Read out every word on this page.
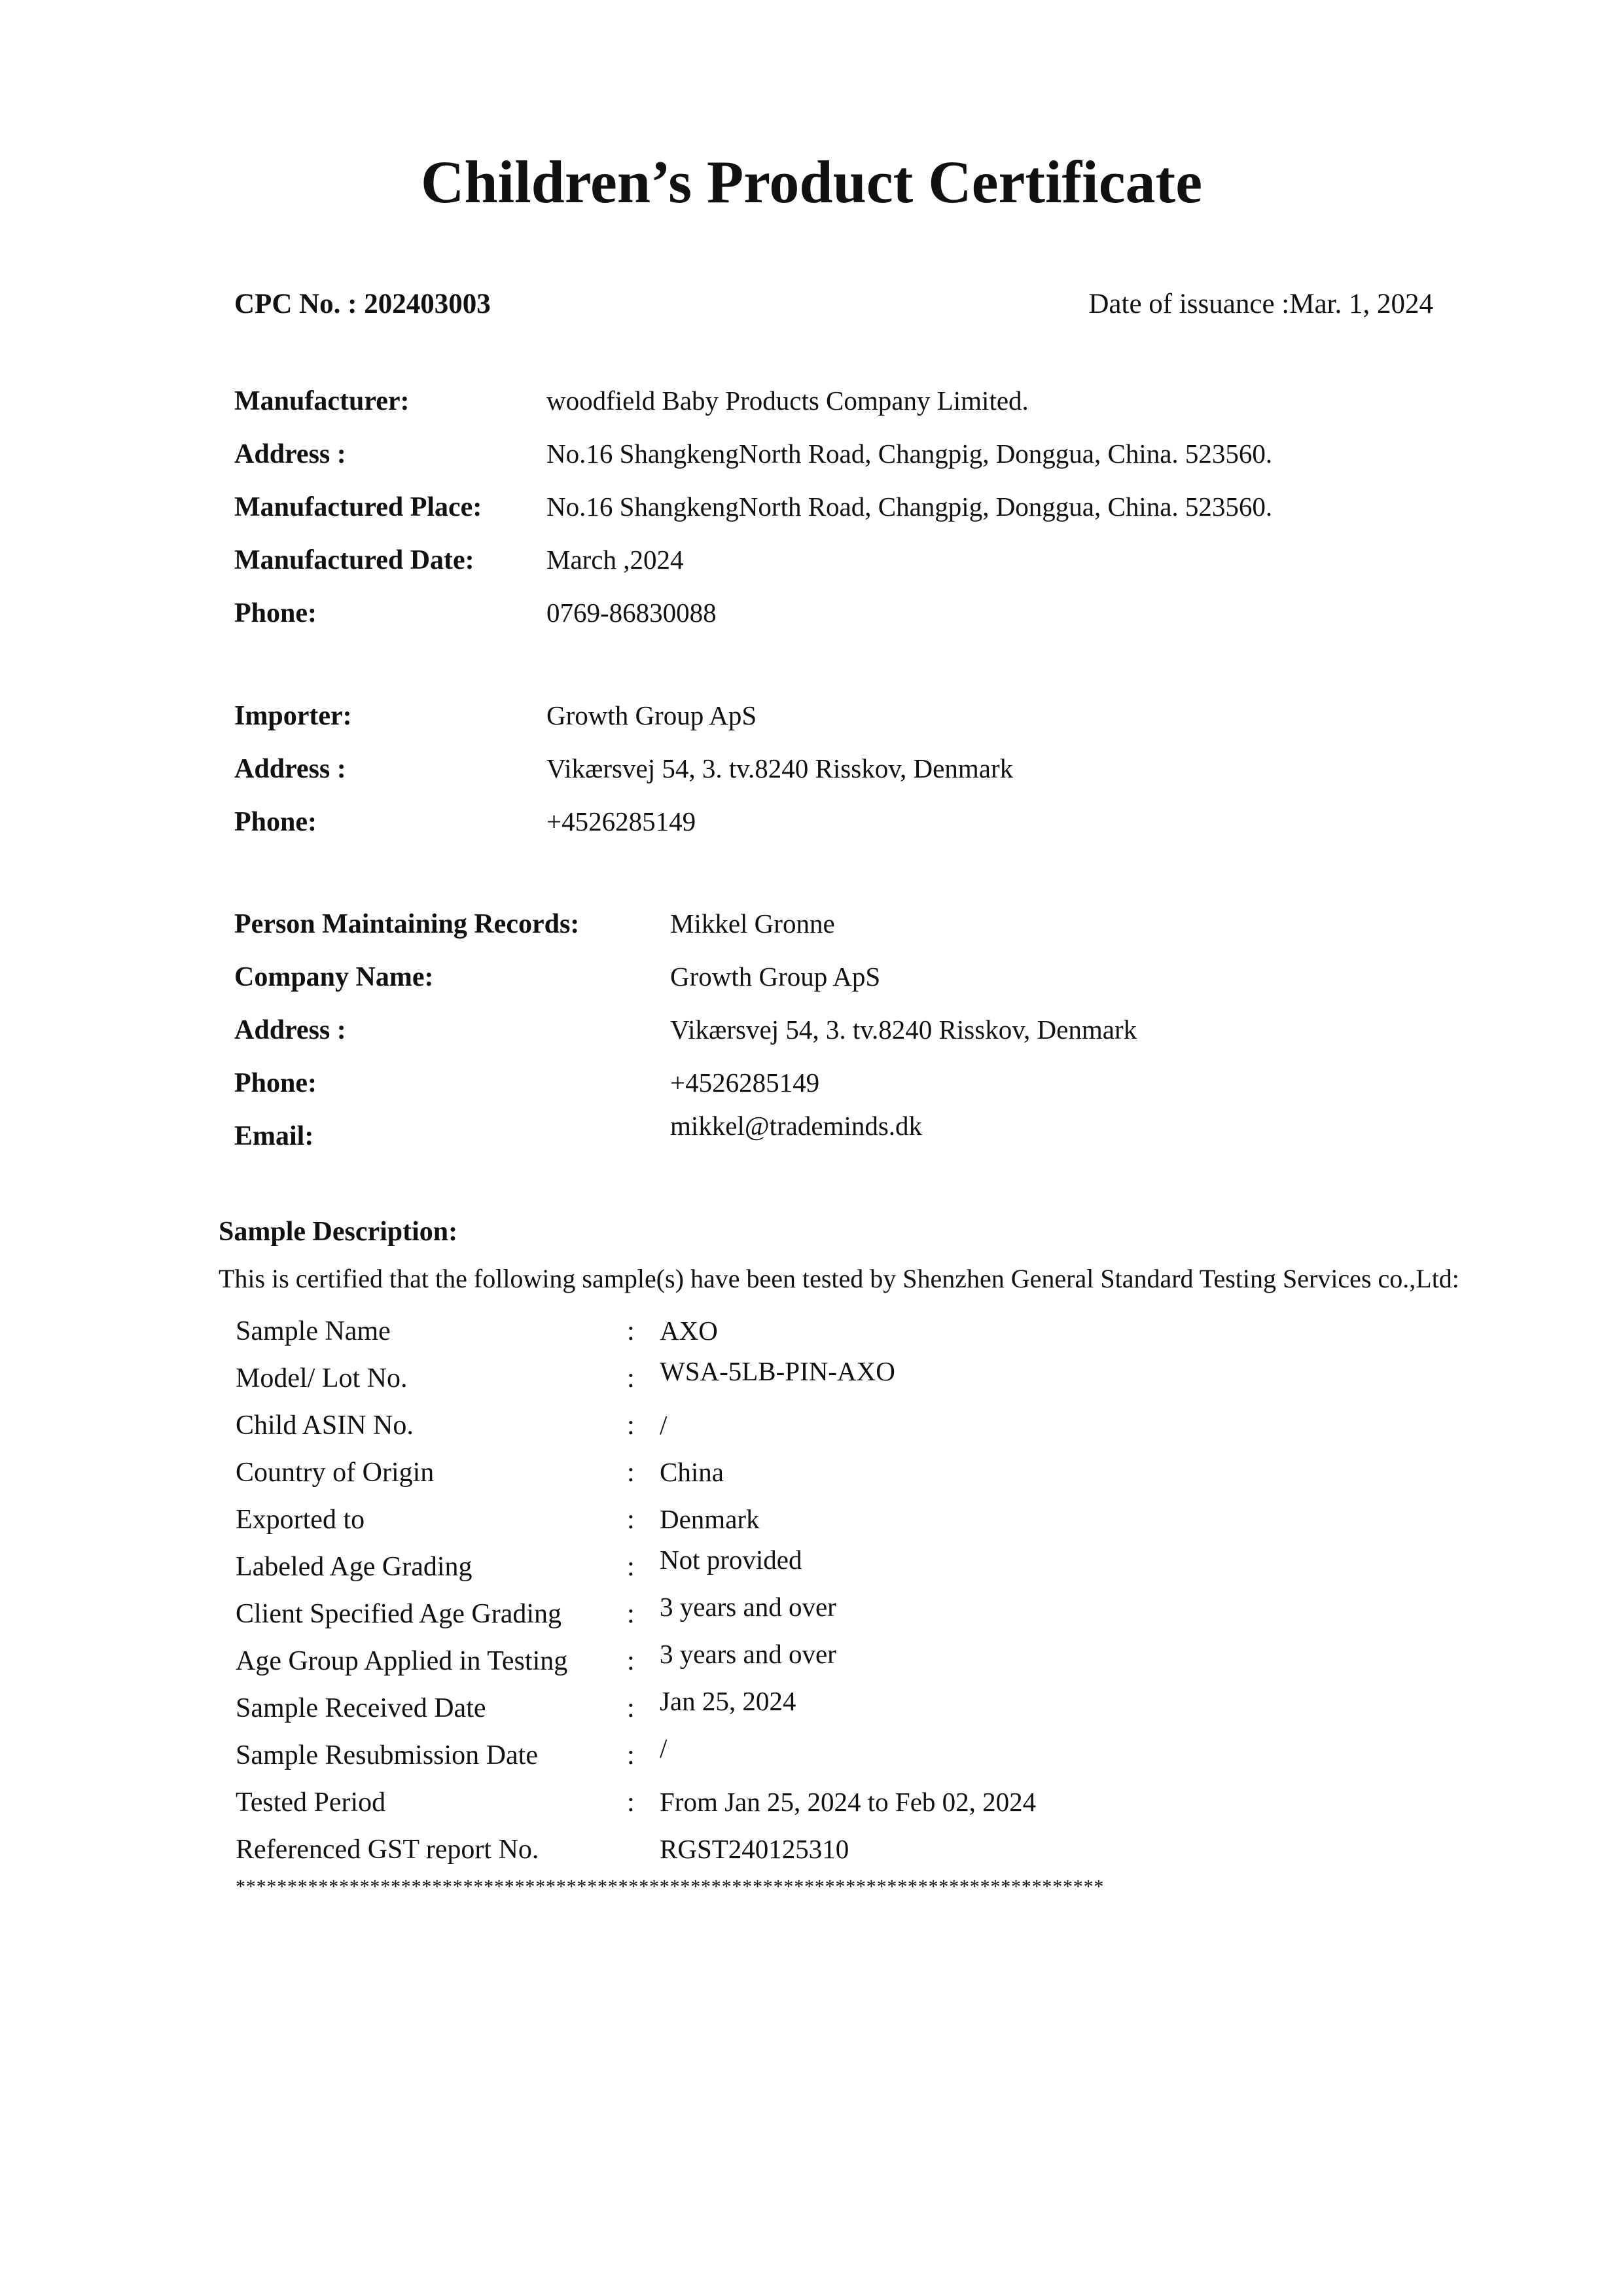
Children’s Product Certificate
CPC No. : 202403003	Date of issuance :Mar. 1, 2024
Manufacturer:	woodfield Baby Products Company Limited.
Address :	No.16 ShangkengNorth Road, Changpig, Donggua, China. 523560.
Manufactured Place: No.16 ShangkengNorth Road, Changpig, Donggua, China. 523560.
Manufactured Date:	March ,2024
Phone:	0769-86830088
Importer:	Growth Group ApS
Address :	Vikærsvej 54, 3. tv.8240 Risskov, Denmark
Phone:	+4526285149
Person Maintaining Records:	Mikkel Gronne
Company Name:	Growth Group ApS
Address :	Vikærsvej 54, 3. tv.8240 Risskov, Denmark
Phone:	+4526285149
Email:	mikkel@trademinds.dk
Sample Description:
This is certified that the following sample(s) have been tested by Shenzhen General Standard Testing Services co.,Ltd:
Sample Name	: AXO
Model/ Lot No.	: WSA-5LB-PIN-AXO
Child ASIN No.	: /
Country of Origin	: China
Exported to	: Denmark
Labeled Age Grading	: Not provided
Client Specified Age Grading : 3 years and over
Age Group Applied in Testing : 3 years and over
Sample Received Date	: Jan 25, 2024
Sample Resubmission Date	: /
Tested Period	: From Jan 25, 2024 to Feb 02, 2024
Referenced GST report No.	RGST240125310
************************************************************************************
